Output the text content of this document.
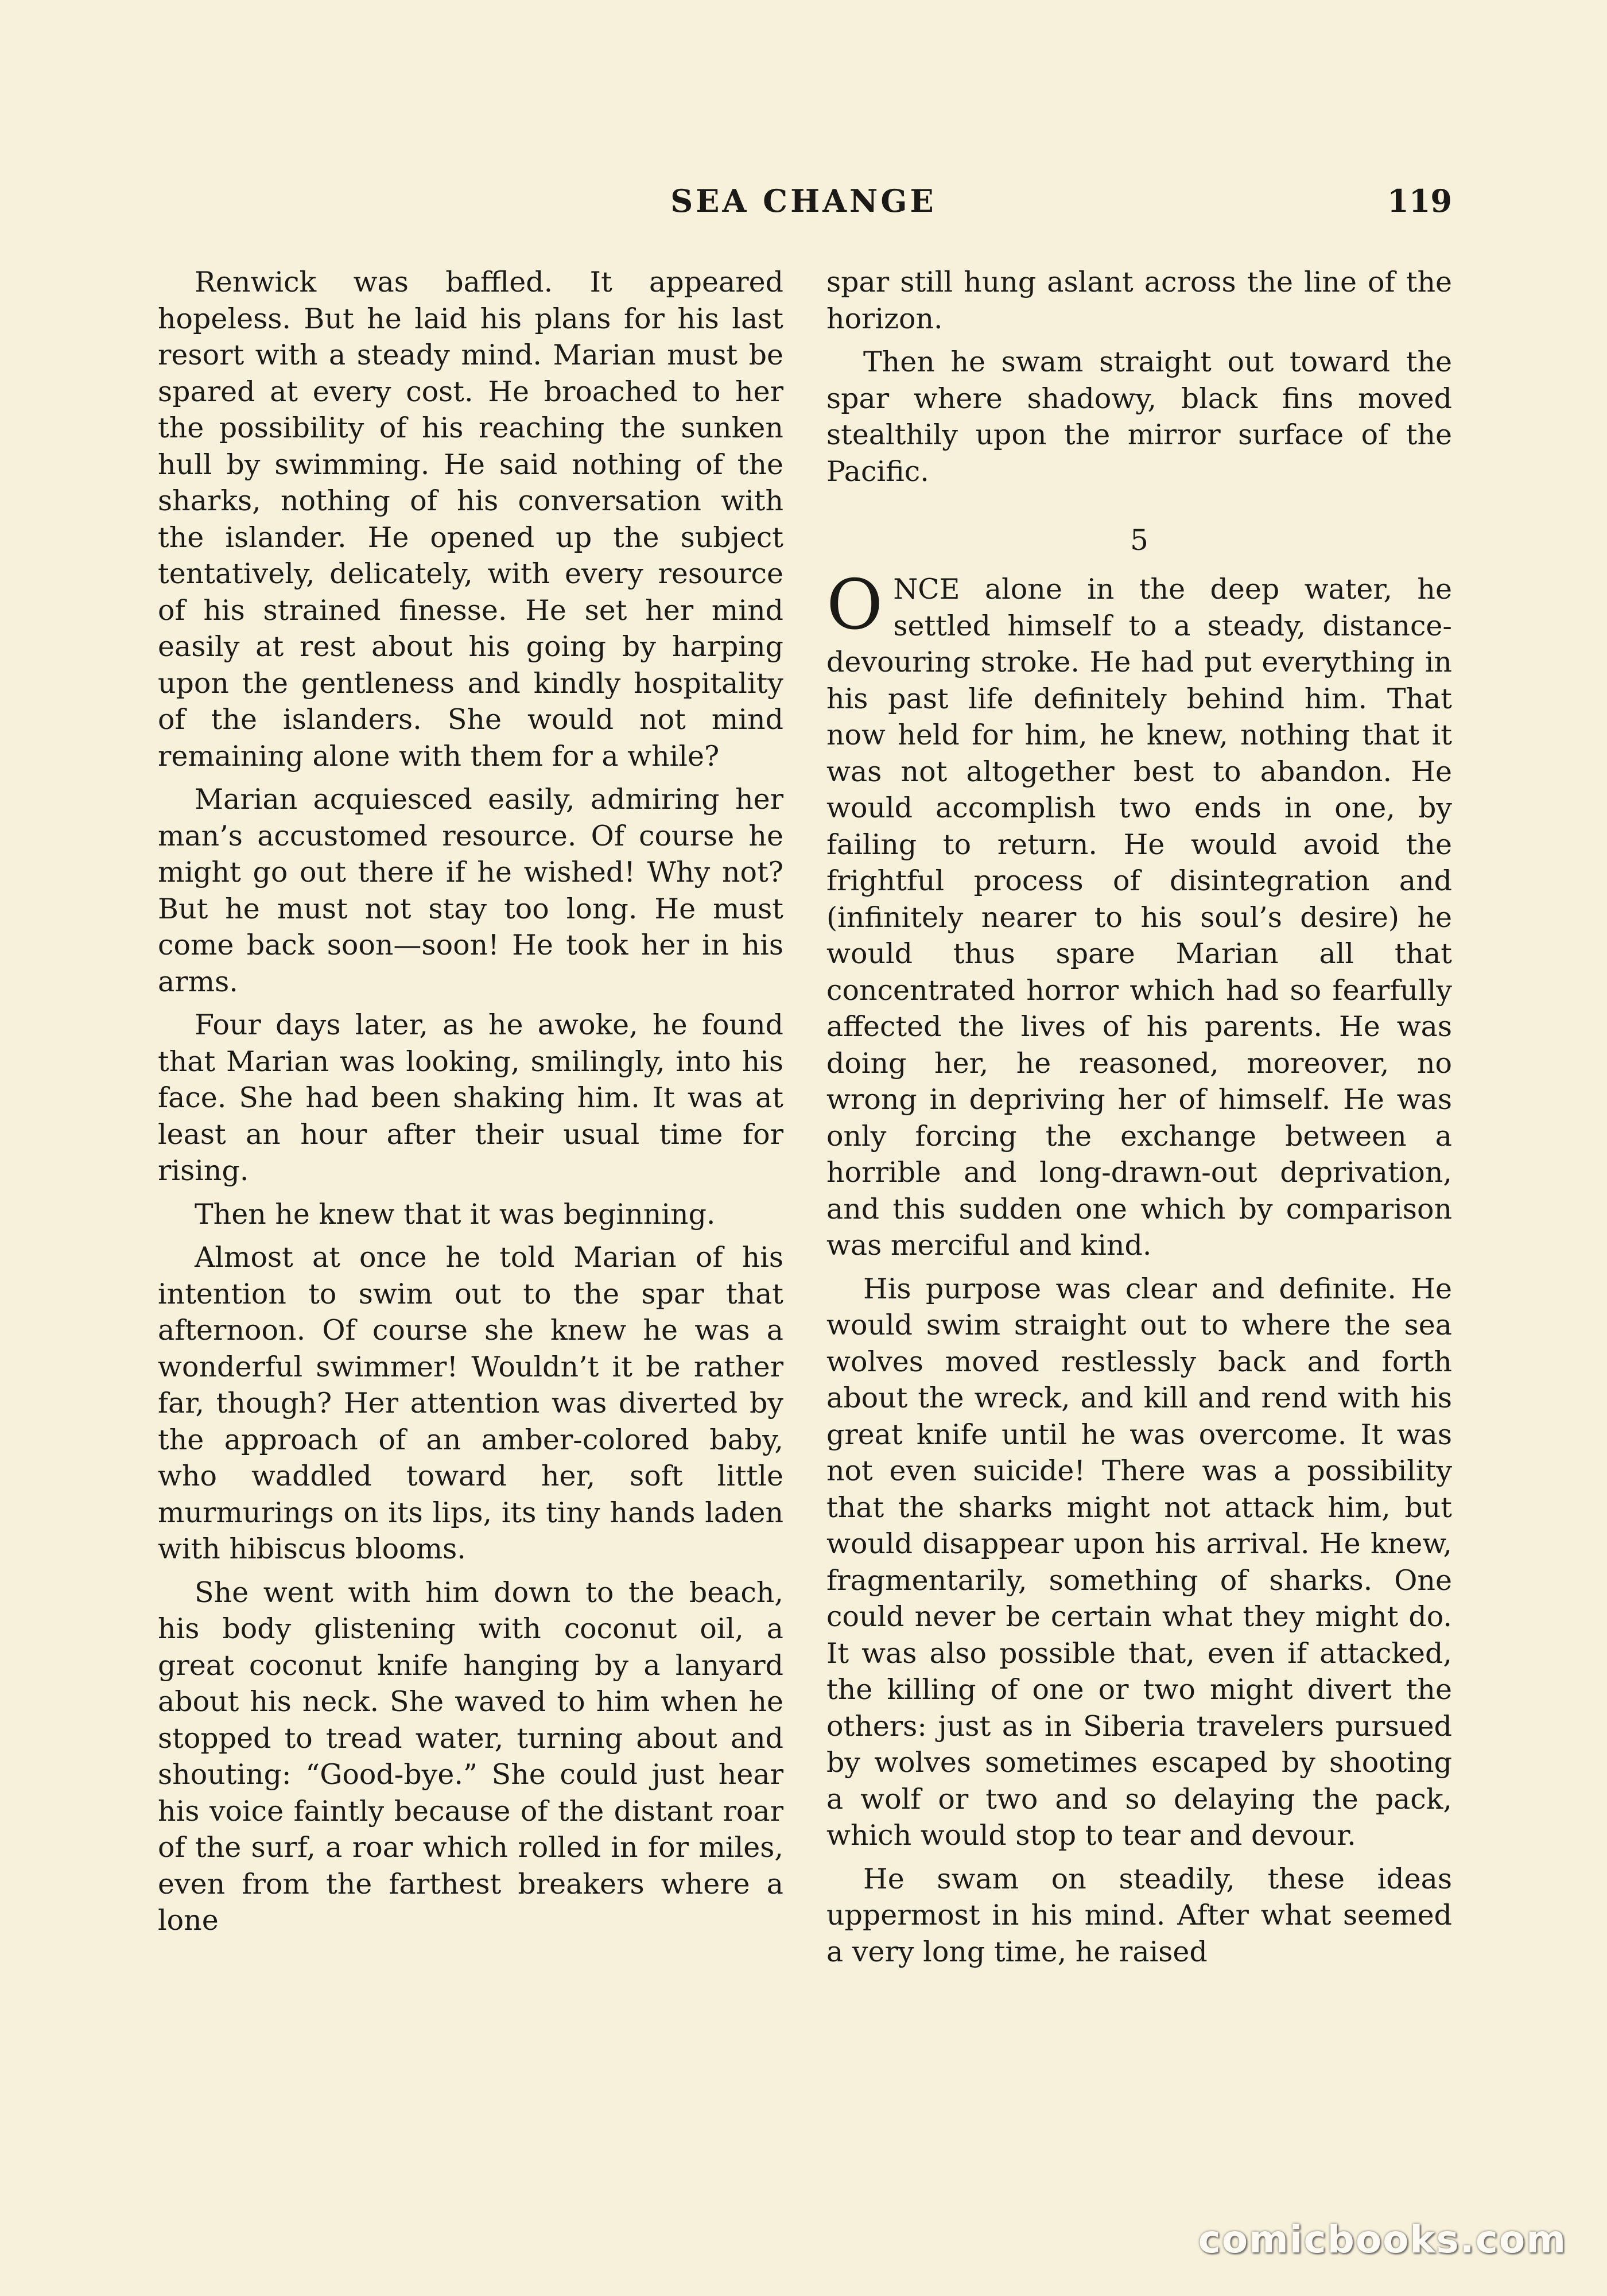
SEA CHANGE	119

Renwick was baffled. It appeared hopeless. But he laid his plans for his last resort with a steady mind. Marian must be spared at every cost. He broached to her the possibility of his reaching the sunken hull by swimming. He said nothing of the sharks, nothing of his conversation with the islander. He opened up the subject tentatively, delicately, with every resource of his strained finesse. He set her mind easily at rest about his going by harping upon the gentleness and kindly hospitality of the islanders. She would not mind remaining alone with them for a while?

Marian acquiesced easily, admiring her man’s accustomed resource. Of course he might go out there if he wished! Why not? But he must not stay too long. He must come back soon—soon! He took her in his arms.

Four days later, as he awoke, he found that Marian was looking, smilingly, into his face. She had been shaking him. It was at least an hour after their usual time for rising.

Then he knew that it was beginning.

Almost at once he told Marian of his intention to swim out to the spar that afternoon. Of course she knew he was a wonderful swimmer! Wouldn’t it be rather far, though? Her attention was diverted by the approach of an amber-colored baby, who waddled toward her, soft little murmurings on its lips, its tiny hands laden with hibiscus blooms.

She went with him down to the beach, his body glistening with coconut oil, a great coconut knife hanging by a lanyard about his neck. She waved to him when he stopped to tread water, turning about and shouting: “Good-bye.” She could just hear his voice faintly because of the distant roar of the surf, a roar which rolled in for miles, even from the farthest breakers where a lone

spar still hung aslant across the line of the horizon.

Then he swam straight out toward the spar where shadowy, black fins moved stealthily upon the mirror surface of the Pacific.

5

ONCE alone in the deep water, he settled himself to a steady, distance-devouring stroke. He had put everything in his past life definitely behind him. That now held for him, he knew, nothing that it was not altogether best to abandon. He would accomplish two ends in one, by failing to return. He would avoid the frightful process of disintegration and (infinitely nearer to his soul’s desire) he would thus spare Marian all that concentrated horror which had so fearfully affected the lives of his parents. He was doing her, he reasoned, moreover, no wrong in depriving her of himself. He was only forcing the exchange between a horrible and long-drawn-out deprivation, and this sudden one which by comparison was merciful and kind.

His purpose was clear and definite. He would swim straight out to where the sea wolves moved restlessly back and forth about the wreck, and kill and rend with his great knife until he was overcome. It was not even suicide! There was a possibility that the sharks might not attack him, but would disappear upon his arrival. He knew, fragmentarily, something of sharks. One could never be certain what they might do. It was also possible that, even if attacked, the killing of one or two might divert the others: just as in Siberia travelers pursued by wolves sometimes escaped by shooting a wolf or two and so delaying the pack, which would stop to tear and devour.

He swam on steadily, these ideas uppermost in his mind. After what seemed a very long time, he raised

comicbooks.com
